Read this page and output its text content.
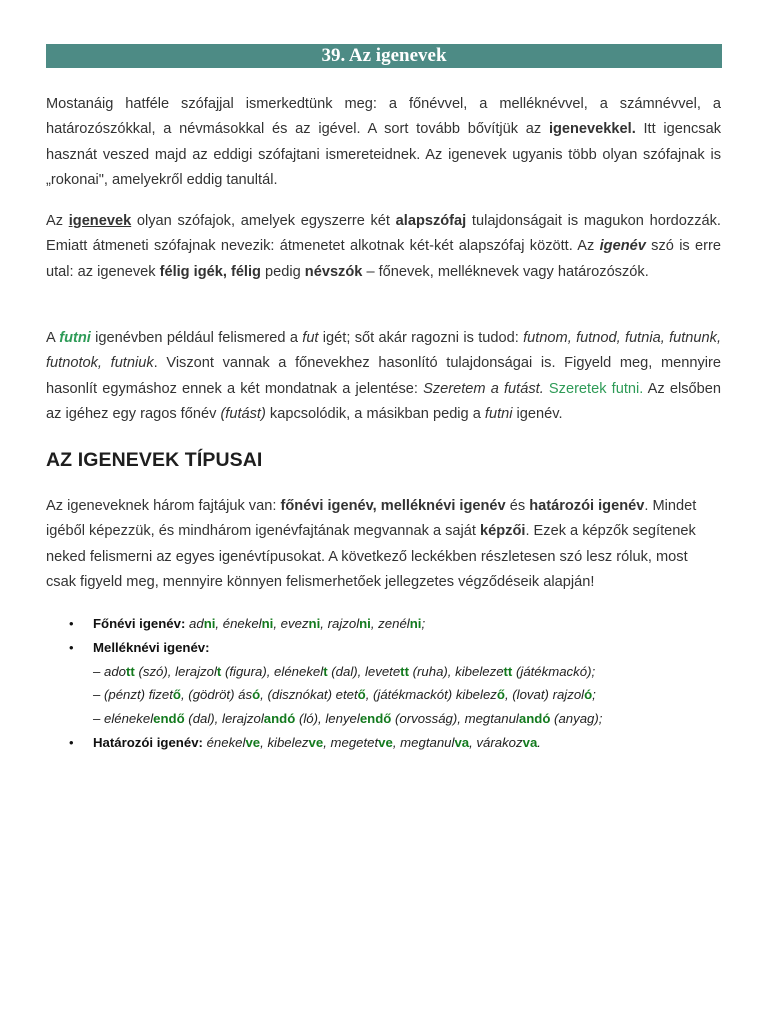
39. Az igenevek

Mostanáig hatféle szófajjal ismerkedtünk meg: a főnévvel, a melléknévvel, a számnévvel, a határozószókkal, a névmásokkal és az igével. A sort tovább bővítjük az igenevekkel. Itt igencsak hasznát veszed majd az eddigi szófajtani ismereteidnek. Az igenevek ugyanis több olyan szófajnak is „rokonai", amelyekről eddig tanultál.

Az igenevek olyan szófajok, amelyek egyszerre két alapszófaj tulajdonságait is magukon hordozzák. Emiatt átmeneti szófajnak nevezik: átmenetet alkotnak két-két alapszófaj között. Az igenév szó is erre utal: az igenevek félig igék, félig pedig névszók – főnevek, melléknevek vagy határozószók.

A futni igenévben például felismered a fut igét; sőt akár ragozni is tudod: futnom, futnod, futnia, futnunk, futnotok, futniuk. Viszont vannak a főnevekhez hasonlító tulajdonságai is. Figyeld meg, mennyire hasonlít egymáshoz ennek a két mondatnak a jelentése: Szeretem a futást. Szeretek futni. Az elsőben az igéhez egy ragos főnév (futást) kapcsolódik, a másikban pedig a futni igenév.

AZ IGENEVEK TÍPUSAI

Az igeneveknek három fajtájuk van: főnévi igenév, melléknévi igenév és határozói igenév. Mindet igéből képezzük, és mindhárom igenévfajtának megvannak a saját képzői. Ezek a képzők segítenek neked felismerni az egyes igenévtípusokat. A következő leckékben részletesen szó lesz róluk, most csak figyeld meg, mennyire könnyen felismerhetőek jellegzetes végződéseik alapján!

• Főnévi igenév: adni, énekelni, evezni, rajzolni, zenélni;
• Melléknévi igenév:
– adott (szó), lerajzolt (figura), elénekelt (dal), levetett (ruha), kibelezett (játékmackó);
– (pénzt) fizető, (gödröt) ásó, (disznókat) etető, (játékmackót) kibelező, (lovat) rajzoló;
– elénekelendő (dal), lerajzolandó (ló), lenyelendő (orvosság), megtanulandó (anyag);
• Határozói igenév: énekelve, kibelezve, megetetve, megtanulva, várakozva.
